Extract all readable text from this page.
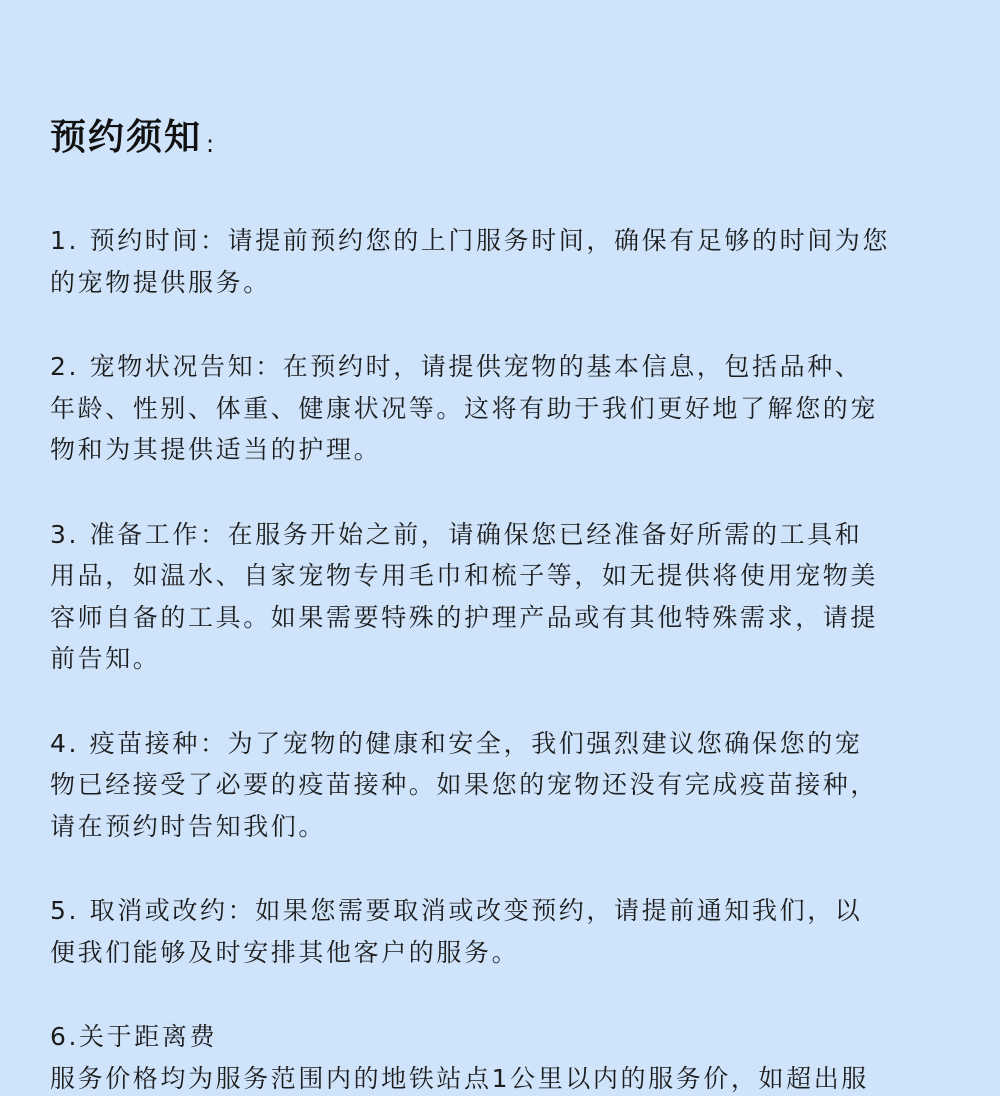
预约须知 :
1. 预约时间：请提前预约您的上门服务时间，确保有足够的时间为您
的宠物提供服务。
2. 宠物状况告知：在预约时，请提供宠物的基本信息，包括品种、
年龄、性别、体重、健康状况等。这将有助于我们更好地了解您的宠
物和为其提供适当的护理。
3. 准备工作：在服务开始之前，请确保您已经准备好所需的工具和
用品，如温水、自家宠物专用毛巾和梳子等，如无提供将使用宠物美
容师自备的工具。如果需要特殊的护理产品或有其他特殊需求，请提
前告知。
4. 疫苗接种：为了宠物的健康和安全，我们强烈建议您确保您的宠
物已经接受了必要的疫苗接种。如果您的宠物还没有完成疫苗接种，
请在预约时告知我们。
5. 取消或改约：如果您需要取消或改变预约，请提前通知我们，以
便我们能够及时安排其他客户的服务。
6.关于距离费
服务价格均为服务范围内的地铁站点1公里以内的服务价，如超出服
